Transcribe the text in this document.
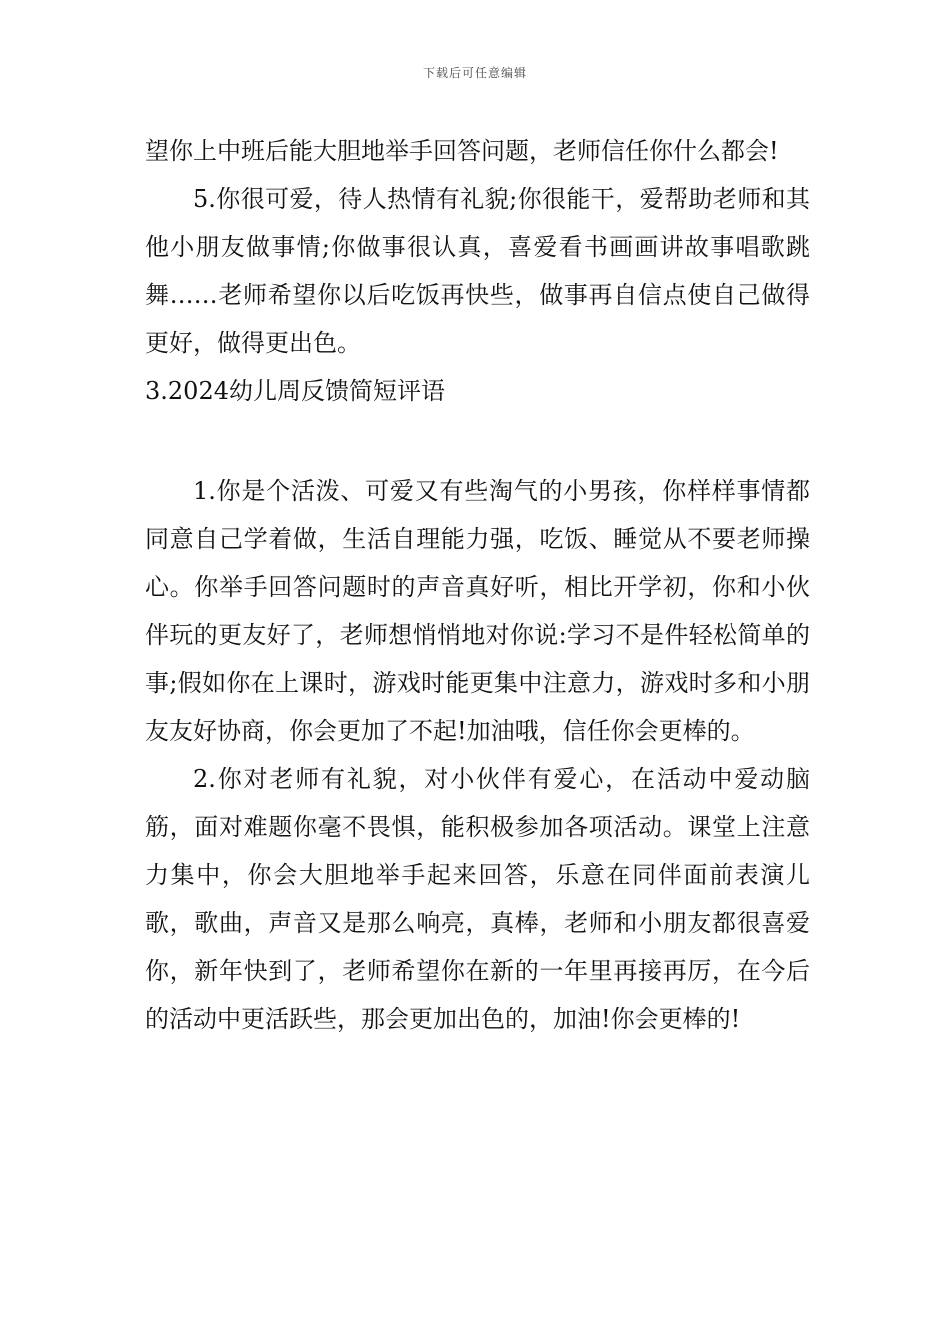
下载后可任意编辑

望你上中班后能大胆地举手回答问题，老师信任你什么都会!

5.你很可爱，待人热情有礼貌;你很能干，爱帮助老师和其他小朋友做事情;你做事很认真，喜爱看书画画讲故事唱歌跳舞……老师希望你以后吃饭再快些，做事再自信点使自己做得更好，做得更出色。

3.2024幼儿周反馈简短评语

1.你是个活泼、可爱又有些淘气的小男孩，你样样事情都同意自己学着做，生活自理能力强，吃饭、睡觉从不要老师操心。你举手回答问题时的声音真好听，相比开学初，你和小伙伴玩的更友好了，老师想悄悄地对你说:学习不是件轻松简单的事;假如你在上课时，游戏时能更集中注意力，游戏时多和小朋友友好协商，你会更加了不起!加油哦，信任你会更棒的。

2.你对老师有礼貌，对小伙伴有爱心，在活动中爱动脑筋，面对难题你毫不畏惧，能积极参加各项活动。课堂上注意力集中，你会大胆地举手起来回答，乐意在同伴面前表演儿歌，歌曲，声音又是那么响亮，真棒，老师和小朋友都很喜爱你，新年快到了，老师希望你在新的一年里再接再厉，在今后的活动中更活跃些，那会更加出色的，加油!你会更棒的!
